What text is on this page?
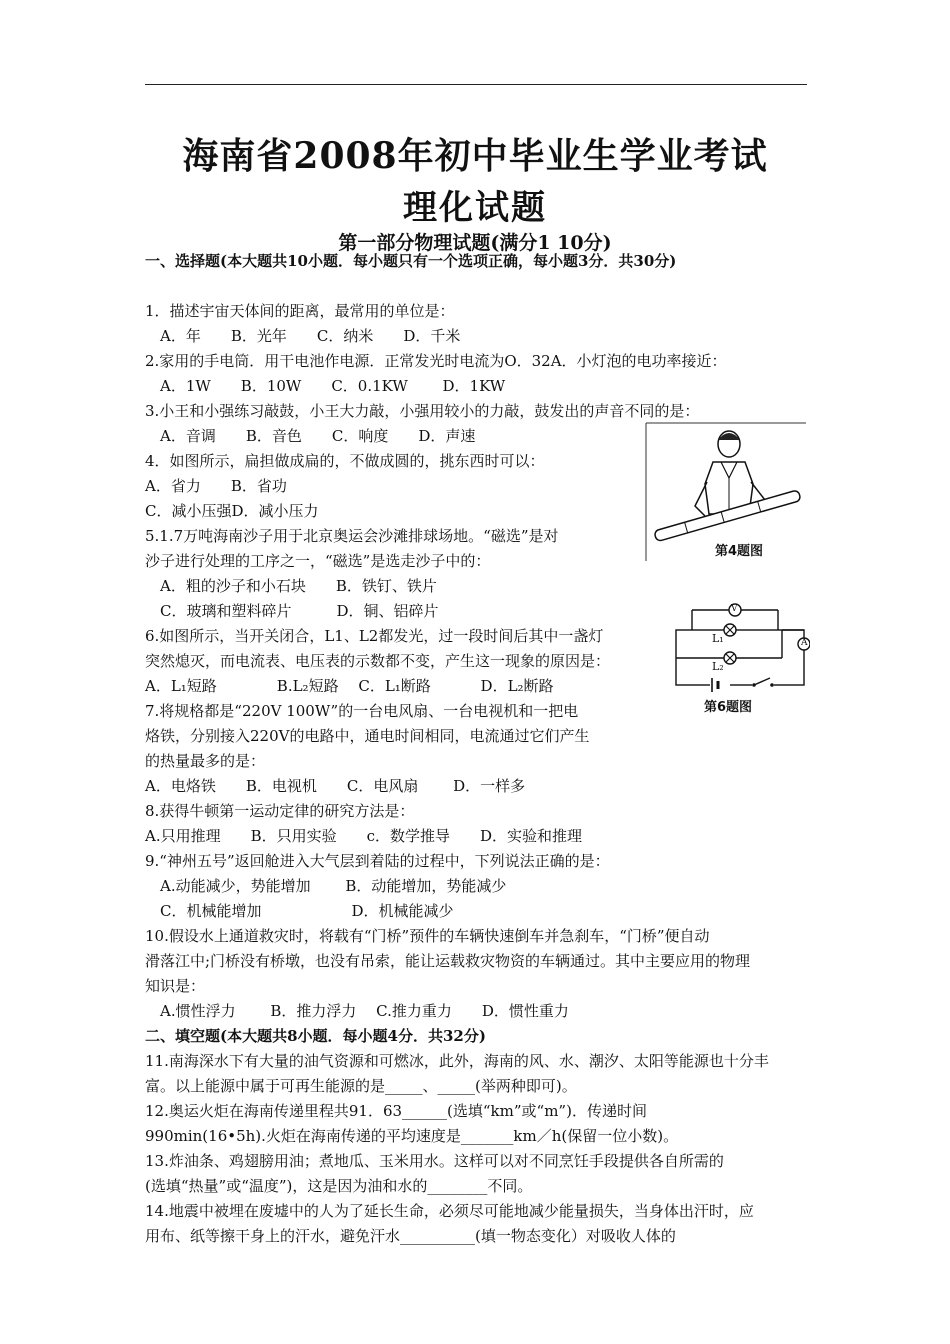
海南省2008年初中毕业生学业考试
理化试题
第一部分物理试题(满分1 10分)
一、选择题(本大题共10小题．每小题只有一个选项正确，每小题3分．共30分)
1．描述宇宙天体间的距离，最常用的单位是：
A．年　　B．光年　　C．纳米　　D．千米
2.家用的手电筒．用干电池作电源．正常发光时电流为O．32A．小灯泡的电功率接近：
A．1W　　B．10W　　C．0.1KW　　 D．1KW
3.小王和小强练习敲鼓，小王大力敲，小强用较小的力敲，鼓发出的声音不同的是：
A．音调　　B．音色　　C．响度　　D．声速
4．如图所示，扁担做成扁的，不做成圆的，挑东西时可以：
A．省力　　B．省功
C．减小压强D．减小压力
5.1.7万吨海南沙子用于北京奥运会沙滩排球场地。“磁选”是对
沙子进行处理的工序之一，“磁选”是选走沙子中的：
A．粗的沙子和小石块　　B．铁钉、铁片
C．玻璃和塑料碎片　　　D．铜、铝碎片
6.如图所示，当开关闭合，L1、L2都发光，过一段时间后其中一盏灯
突然熄灭，而电流表、电压表的示数都不变，产生这一现象的原因是：
A．L₁短路　　　　B.L₂短路　 C．L₁断路　　　 D．L₂断路
7.将规格都是“220V 100W”的一台电风扇、一台电视机和一把电
烙铁，分别接入220V的电路中，通电时间相同，电流通过它们产生
的热量最多的是：
A．电烙铁　　B．电视机　　C．电风扇　　 D．一样多
8.获得牛顿第一运动定律的研究方法是：
A.只用推理　　B．只用实验　　c．数学推导　　D．实验和推理
9.“神州五号”返回舱进入大气层到着陆的过程中，下列说法正确的是：
A.动能减少，势能增加　　 B．动能增加，势能减少
C．机械能增加　　　　　　D．机械能减少
10.假设水上通道救灾时，将载有“门桥”预件的车辆快速倒车并急刹车，“门桥”便自动
滑落江中;门桥没有桥墩，也没有吊索，能让运载救灾物资的车辆通过。其中主要应用的物理
知识是：
A.惯性浮力　　 B．推力浮力　 C.推力重力　　D．惯性重力
二、填空题(本大题共8小题．每小题4分．共32分)
11.南海深水下有大量的油气资源和可燃冰，此外，海南的风、水、潮汐、太阳等能源也十分丰
富。以上能源中属于可再生能源的是_____、_____(举两种即可)。
12.奥运火炬在海南传递里程共91．63______(选填“km”或“m”)．传递时间
990min(16•5h).火炬在海南传递的平均速度是_______km／h(保留一位小数)。
13.炸油条、鸡翅膀用油；煮地瓜、玉米用水。这样可以对不同烹饪手段提供各自所需的
(选填“热量”或“温度”)，这是因为油和水的________不同。
14.地震中被埋在废墟中的人为了延长生命，必须尽可能地减少能量损失，当身体出汗时，应
用布、纸等擦干身上的汗水，避免汗水__________(填一物态变化）对吸收人体的
第4题图
V
A
L₁
L₂
第6题图
